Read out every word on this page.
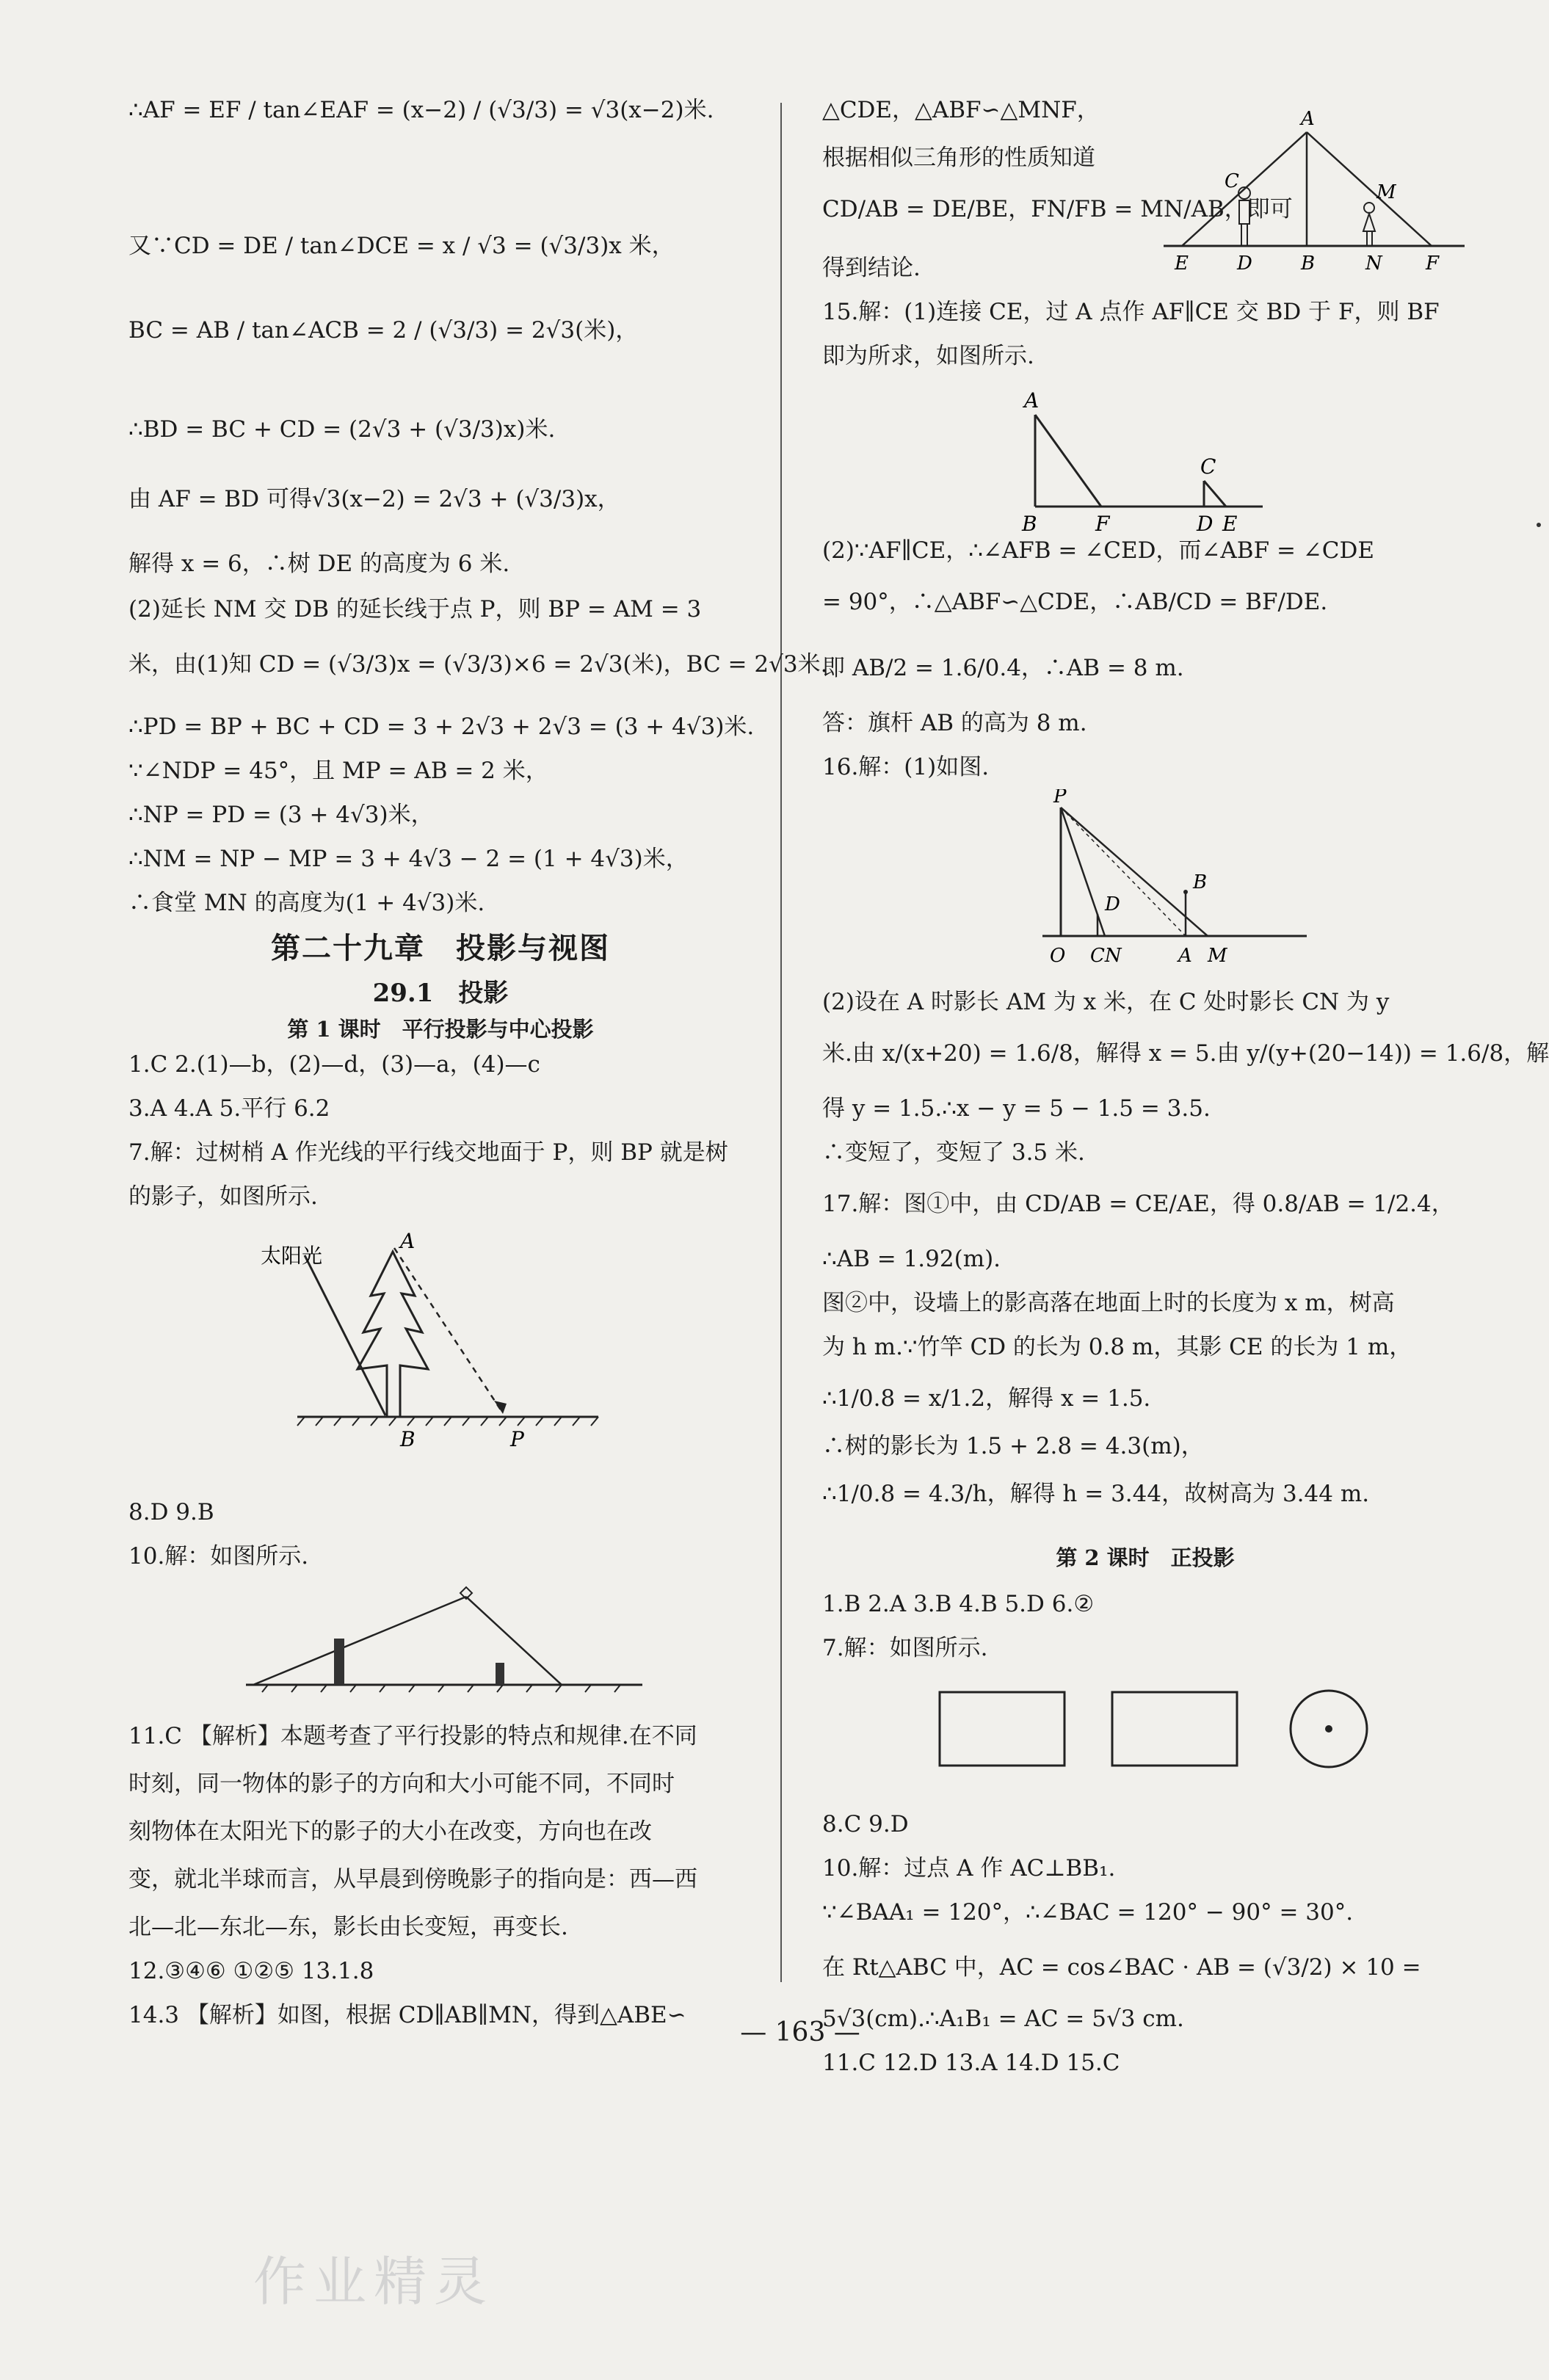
∴AF = EF / tan∠EAF = (x−2) / (√3/3) = √3(x−2)米.
又∵CD = DE / tan∠DCE = x / √3 = (√3/3)x 米，
BC = AB / tan∠ACB = 2 / (√3/3) = 2√3(米)，
∴BD = BC + CD = (2√3 + (√3/3)x)米.
由 AF = BD 可得√3(x−2) = 2√3 + (√3/3)x，
解得 x = 6，∴树 DE 的高度为 6 米.
(2)延长 NM 交 DB 的延长线于点 P，则 BP = AM = 3
米，由(1)知 CD = (√3/3)x = (√3/3)×6 = 2√3(米)，BC = 2√3米.
∴PD = BP + BC + CD = 3 + 2√3 + 2√3 = (3 + 4√3)米.
∵∠NDP = 45°，且 MP = AB = 2 米，
∴NP = PD = (3 + 4√3)米，
∴NM = NP − MP = 3 + 4√3 − 2 = (1 + 4√3)米，
∴食堂 MN 的高度为(1 + 4√3)米.
第二十九章　投影与视图
29.1　投影
第 1 课时　平行投影与中心投影
1.C 2.(1)—b，(2)—d，(3)—a，(4)—c
3.A 4.A 5.平行 6.2
7.解：过树梢 A 作光线的平行线交地面于 P，则 BP 就是树
的影子，如图所示.
太阳光
A
B	P
8.D 9.B
10.解：如图所示.
11.C 【解析】本题考查了平行投影的特点和规律.在不同
时刻，同一物体的影子的方向和大小可能不同，不同时
刻物体在太阳光下的影子的大小在改变，方向也在改
变，就北半球而言，从早晨到傍晚影子的指向是：西—西
北—北—东北—东，影长由长变短，再变长.
12.③④⑥ ①②⑤ 13.1.8
14.3 【解析】如图，根据 CD∥AB∥MN，得到△ABE∽
△CDE，△ABF∽△MNF，
根据相似三角形的性质知道
CD/AB = DE/BE，FN/FB = MN/AB，即可
得到结论.
A
C	M
E	D	B	N F
15.解：(1)连接 CE，过 A 点作 AF∥CE 交 BD 于 F，则 BF
即为所求，如图所示.
A
C
B	F	D E
(2)∵AF∥CE，∴∠AFB = ∠CED，而∠ABF = ∠CDE
= 90°，∴△ABF∽△CDE，∴AB/CD = BF/DE.
即 AB/2 = 1.6/0.4，∴AB = 8 m.
答：旗杆 AB 的高为 8 m.
16.解：(1)如图.
P
D
B
O CN	A M
(2)设在 A 时影长 AM 为 x 米，在 C 处时影长 CN 为 y
米.由 x/(x+20) = 1.6/8，解得 x = 5.由 y/(y+(20−14)) = 1.6/8，解
得 y = 1.5.∴x − y = 5 − 1.5 = 3.5.
∴变短了，变短了 3.5 米.
17.解：图①中，由 CD/AB = CE/AE，得 0.8/AB = 1/2.4，
∴AB = 1.92(m).
图②中，设墙上的影高落在地面上时的长度为 x m，树高
为 h m.∵竹竿 CD 的长为 0.8 m，其影 CE 的长为 1 m，
∴1/0.8 = x/1.2，解得 x = 1.5.
∴树的影长为 1.5 + 2.8 = 4.3(m)，
∴1/0.8 = 4.3/h，解得 h = 3.44，故树高为 3.44 m.
第 2 课时　正投影
1.B 2.A 3.B 4.B 5.D 6.②
7.解：如图所示.
8.C 9.D
10.解：过点 A 作 AC⊥BB₁.
∵∠BAA₁ = 120°，∴∠BAC = 120° − 90° = 30°.
在 Rt△ABC 中，AC = cos∠BAC · AB = (√3/2) × 10 =
5√3(cm).∴A₁B₁ = AC = 5√3 cm.
11.C 12.D 13.A 14.D 15.C
— 163 —
作业精灵
